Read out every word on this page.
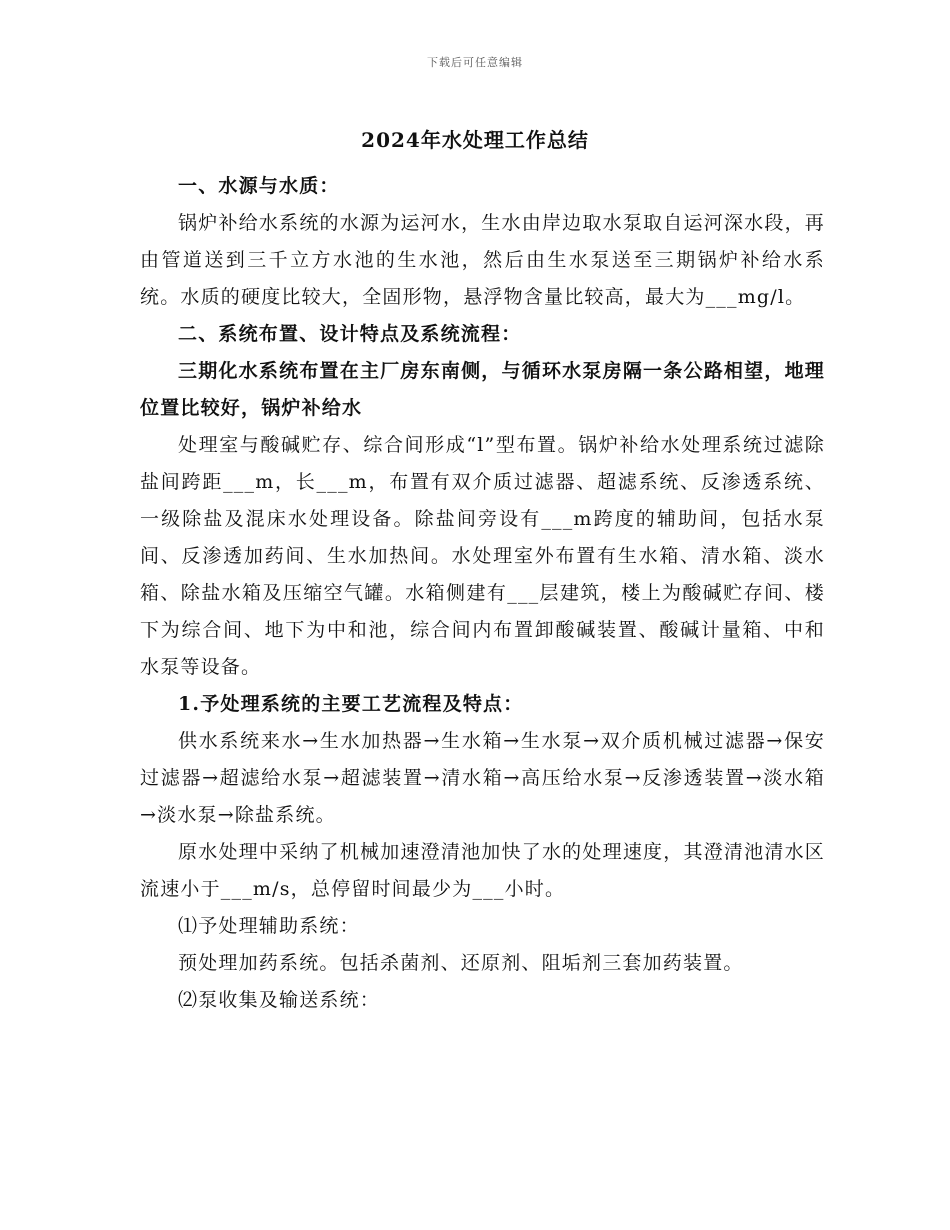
下载后可任意编辑
2024年水处理工作总结

一、水源与水质：

锅炉补给水系统的水源为运河水，生水由岸边取水泵取自运河深水段，再由管道送到三千立方水池的生水池，然后由生水泵送至三期锅炉补给水系统。水质的硬度比较大，全固形物，悬浮物含量比较高，最大为___mg/l。

二、系统布置、设计特点及系统流程：

三期化水系统布置在主厂房东南侧，与循环水泵房隔一条公路相望，地理位置比较好，锅炉补给水

处理室与酸碱贮存、综合间形成“l”型布置。锅炉补给水处理系统过滤除盐间跨距___m，长___m，布置有双介质过滤器、超滤系统、反渗透系统、一级除盐及混床水处理设备。除盐间旁设有___m跨度的辅助间，包括水泵间、反渗透加药间、生水加热间。水处理室外布置有生水箱、清水箱、淡水箱、除盐水箱及压缩空气罐。水箱侧建有___层建筑，楼上为酸碱贮存间、楼下为综合间、地下为中和池，综合间内布置卸酸碱装置、酸碱计量箱、中和水泵等设备。

1.予处理系统的主要工艺流程及特点：

供水系统来水→生水加热器→生水箱→生水泵→双介质机械过滤器→保安过滤器→超滤给水泵→超滤装置→清水箱→高压给水泵→反渗透装置→淡水箱→淡水泵→除盐系统。

原水处理中采纳了机械加速澄清池加快了水的处理速度，其澄清池清水区流速小于___m/s，总停留时间最少为___小时。

⑴予处理辅助系统：

预处理加药系统。包括杀菌剂、还原剂、阻垢剂三套加药装置。

⑵泵收集及输送系统：
